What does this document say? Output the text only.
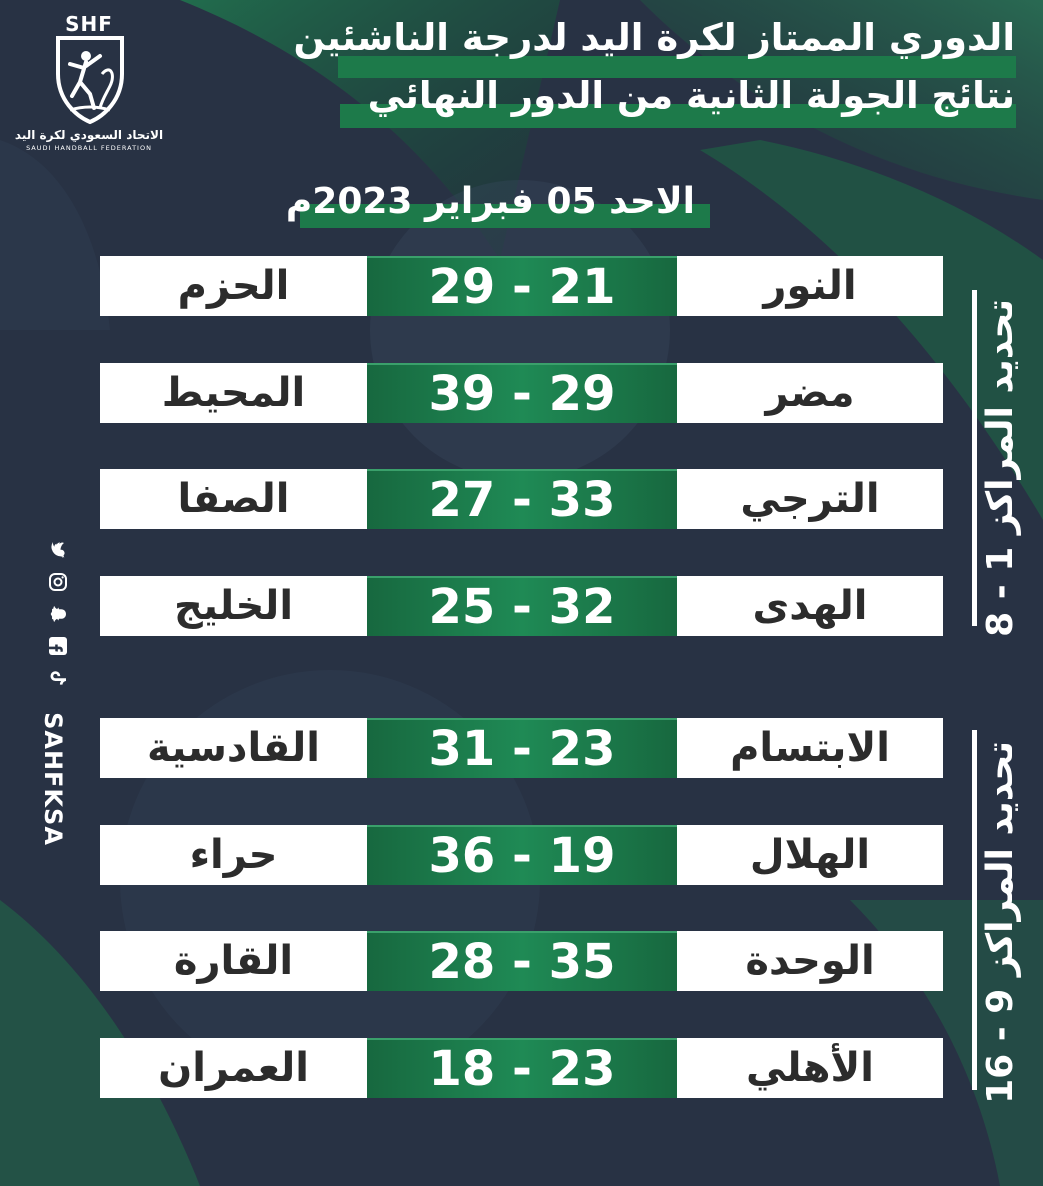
SHF
الاتحاد السعودي لكرة اليد
SAUDI HANDBALL FEDERATION
الدوري الممتاز لكرة اليد لدرجة الناشئين
نتائج الجولة الثانية من الدور النهائي
الاحد 05 فبراير 2023م
الحزم	29 - 21	النور
المحيط	39 - 29	مضر
الصفا	27 - 33	الترجي
الخليج	25 - 32	الهدى
القادسية	31 - 23	الابتسام
حراء	36 - 19	الهلال
القارة	28 - 35	الوحدة
العمران	18 - 23	الأهلي
تحديد المراكز 1 - 8
تحديد المراكز 9 - 16
SAHFKSA
